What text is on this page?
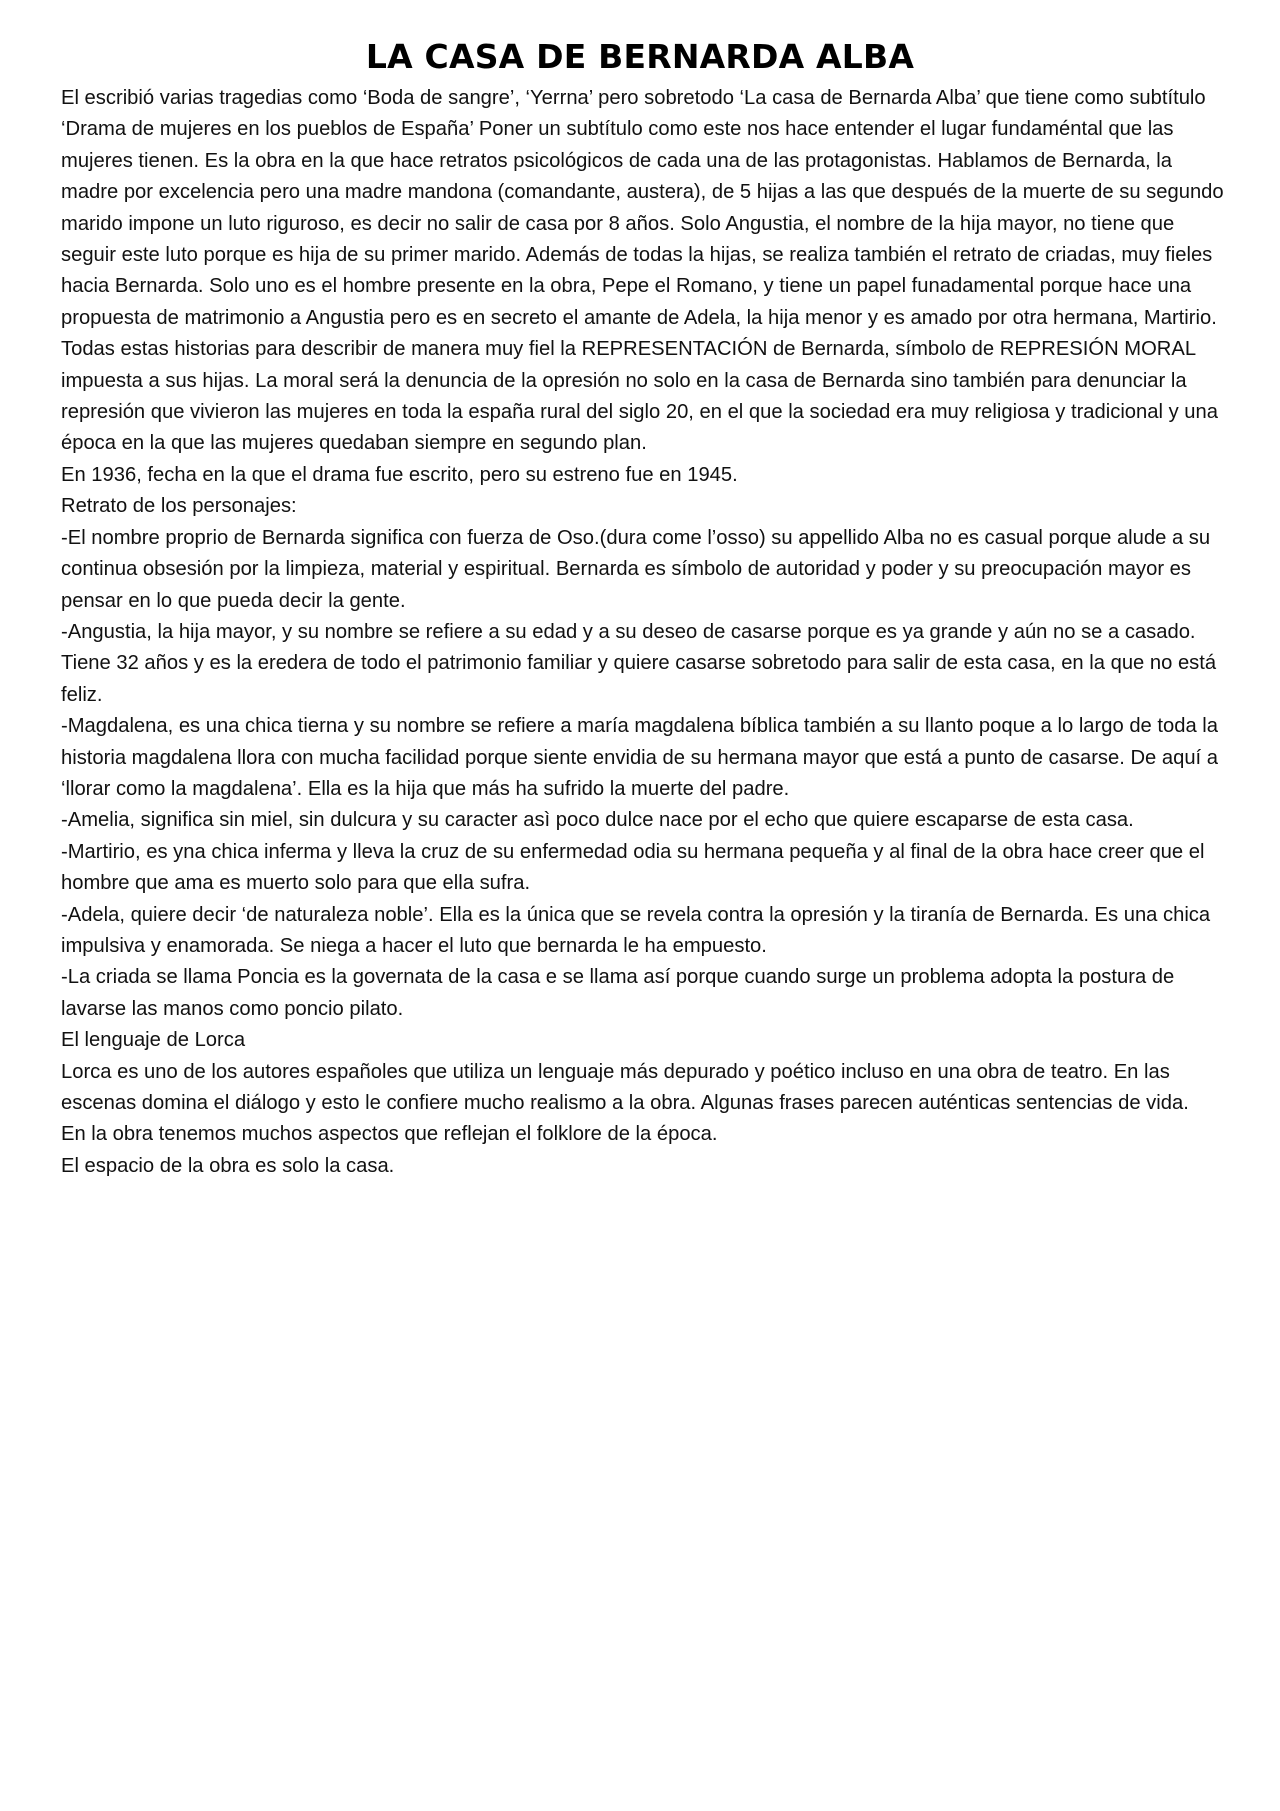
LA CASA DE BERNARDA ALBA

El escribió varias tragedias como ‘Boda de sangre’, ‘Yerrna’ pero sobretodo ‘La casa de Bernarda Alba’ que tiene como subtítulo ‘Drama de mujeres en los pueblos de España’ Poner un subtítulo como este nos hace entender el lugar fundaméntal que las mujeres tienen. Es la obra en la que hace retratos psicológicos de cada una de las protagonistas. Hablamos de Bernarda, la madre por excelencia pero una madre mandona (comandante, austera), de 5 hijas a las que después de la muerte de su segundo marido impone un luto riguroso, es decir no salir de casa por 8 años. Solo Angustia, el nombre de la hija mayor, no tiene que seguir este luto porque es hija de su primer marido. Además de todas la hijas, se realiza también el retrato de criadas, muy fieles hacia Bernarda. Solo uno es el hombre presente en la obra, Pepe el Romano, y tiene un papel funadamental porque hace una propuesta de matrimonio a Angustia pero es en secreto el amante de Adela, la hija menor y es amado por otra hermana, Martirio. Todas estas historias para describir de manera muy fiel la REPRESENTACIÓN de Bernarda, símbolo de REPRESIÓN MORAL impuesta a sus hijas. La moral será la denuncia de la opresión no solo en la casa de Bernarda sino también para denunciar la represión que vivieron las mujeres en toda la españa rural del siglo 20, en el que la sociedad era muy religiosa y tradicional y una época en la que las mujeres quedaban siempre en segundo plan.

En 1936, fecha en la que el drama fue escrito, pero su estreno fue en 1945.

Retrato de los personajes:

-El nombre proprio de Bernarda significa con fuerza de Oso.(dura come l’osso) su appellido Alba no es casual porque alude a su continua obsesión por la limpieza, material y espiritual. Bernarda es símbolo de autoridad y poder y su preocupación mayor es pensar en lo que pueda decir la gente.

-Angustia, la hija mayor, y su nombre se refiere a su edad y a su deseo de casarse porque es ya grande y aún no se a casado. Tiene 32 años y es la eredera de todo el patrimonio familiar y quiere casarse sobretodo para salir de esta casa, en la que no está feliz.

-Magdalena, es una chica tierna y su nombre se refiere a maría magdalena bíblica también a su llanto poque a lo largo de toda la historia magdalena llora con mucha facilidad porque siente envidia de su hermana mayor que está a punto de casarse. De aquí a ‘llorar como la magdalena’. Ella es la hija que más ha sufrido la muerte del padre.

-Amelia, significa sin miel, sin dulcura y su caracter asì poco dulce nace por el echo que quiere escaparse de esta casa.

-Martirio, es yna chica inferma y lleva la cruz de su enfermedad odia su hermana pequeña y al final de la obra hace creer que el hombre que ama es muerto solo para que ella sufra.

-Adela, quiere decir ‘de naturaleza noble’. Ella es la única que se revela contra la opresión y la tiranía de Bernarda. Es una chica impulsiva y enamorada. Se niega a hacer el luto que bernarda le ha empuesto.

-La criada se llama Poncia es la governata de la casa e se llama así porque cuando surge un problema adopta la postura de lavarse las manos como poncio pilato.

El lenguaje de Lorca

Lorca es uno de los autores españoles que utiliza un lenguaje más depurado y poético incluso en una obra de teatro. En las escenas domina el diálogo y esto le confiere mucho realismo a la obra. Algunas frases parecen auténticas sentencias de vida.

En la obra tenemos muchos aspectos que reflejan el folklore de la época.

El espacio de la obra es solo la casa.
